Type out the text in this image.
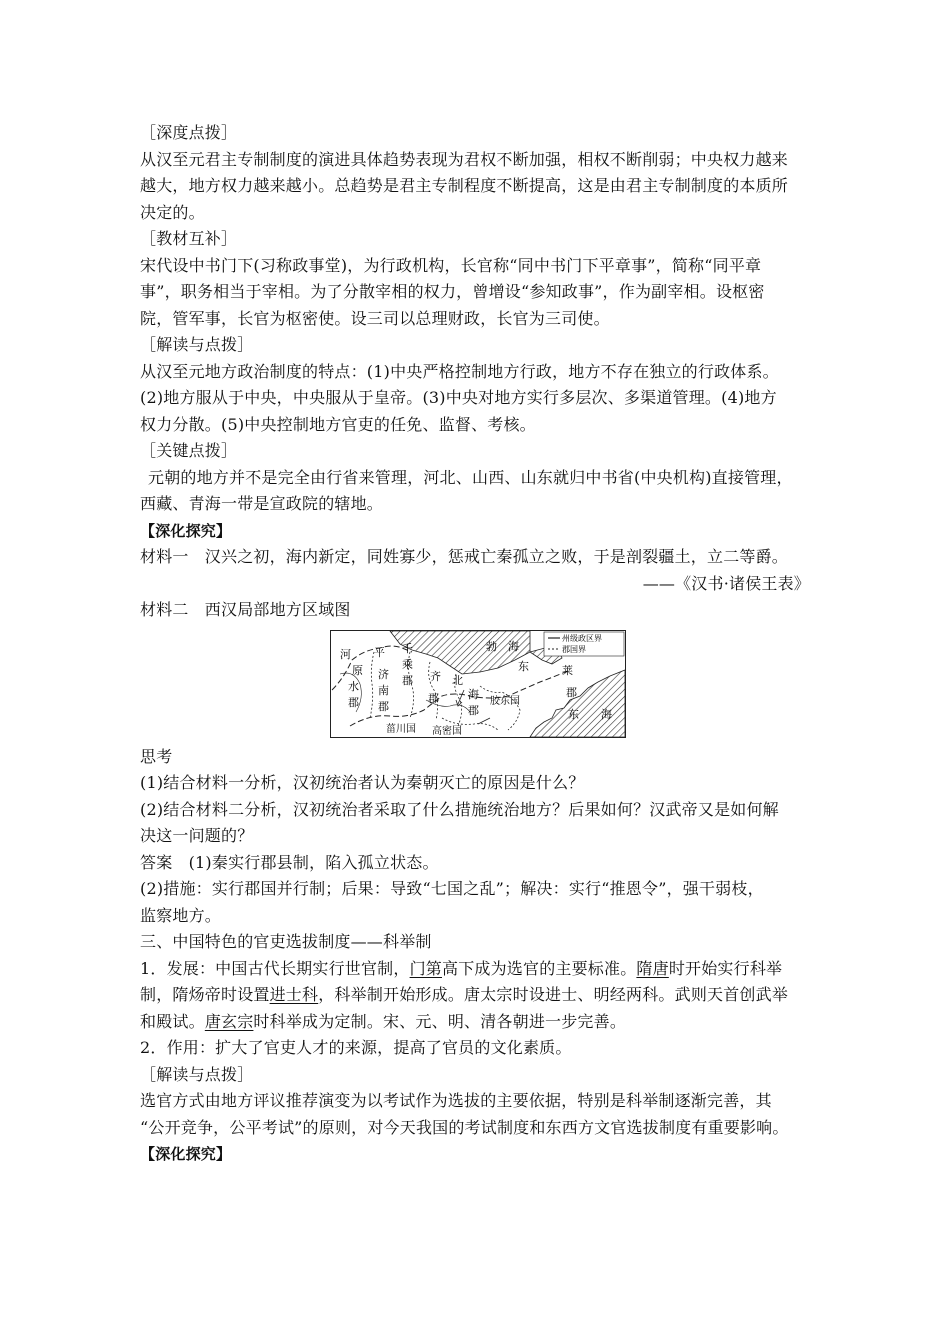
［深度点拨］
从汉至元君主专制制度的演进具体趋势表现为君权不断加强，相权不断削弱；中央权力越来
越大，地方权力越来越小。总趋势是君主专制程度不断提高，这是由君主专制制度的本质所
决定的。
［教材互补］
宋代设中书门下(习称政事堂)，为行政机构，长官称“同中书门下平章事”，简称“同平章
事”，职务相当于宰相。为了分散宰相的权力，曾增设“参知政事”，作为副宰相。设枢密
院，管军事，长官为枢密使。设三司以总理财政，长官为三司使。
［解读与点拨］
从汉至元地方政治制度的特点：(1)中央严格控制地方行政，地方不存在独立的行政体系。
(2)地方服从于中央，中央服从于皇帝。(3)中央对地方实行多层次、多渠道管理。(4)地方
权力分散。(5)中央控制地方官吏的任免、监督、考核。
［关键点拨］
元朝的地方并不是完全由行省来管理，河北、山西、山东就归中书省(中央机构)直接管理，
西藏、青海一带是宣政院的辖地。
【深化探究】
材料一　汉兴之初，海内新定，同姓寡少，惩戒亡秦孤立之败，于是剖裂疆土，立二等爵。
——《汉书·诸侯王表》
材料二　西汉局部地方区域图
州级政区界
郡国界
勃　海
河 平 千
乘
郡
原
水
郡
济
南
郡
齐 北
海
郡
郡
东	莱
郡
胶东国
菑川国 高密国
东　　海
思考
(1)结合材料一分析，汉初统治者认为秦朝灭亡的原因是什么？
(2)结合材料二分析，汉初统治者采取了什么措施统治地方？后果如何？汉武帝又是如何解
决这一问题的？
答案　(1)秦实行郡县制，陷入孤立状态。
(2)措施：实行郡国并行制；后果：导致“七国之乱”；解决：实行“推恩令”，强干弱枝，
监察地方。
三、中国特色的官吏选拔制度——科举制
1．发展：中国古代长期实行世官制，门第高下成为选官的主要标准。隋唐时开始实行科举
制，隋炀帝时设置进士科，科举制开始形成。唐太宗时设进士、明经两科。武则天首创武举
和殿试。唐玄宗时科举成为定制。宋、元、明、清各朝进一步完善。
2．作用：扩大了官吏人才的来源，提高了官员的文化素质。
［解读与点拨］
选官方式由地方评议推荐演变为以考试作为选拔的主要依据，特别是科举制逐渐完善，其
“公开竞争，公平考试”的原则，对今天我国的考试制度和东西方文官选拔制度有重要影响。
【深化探究】
